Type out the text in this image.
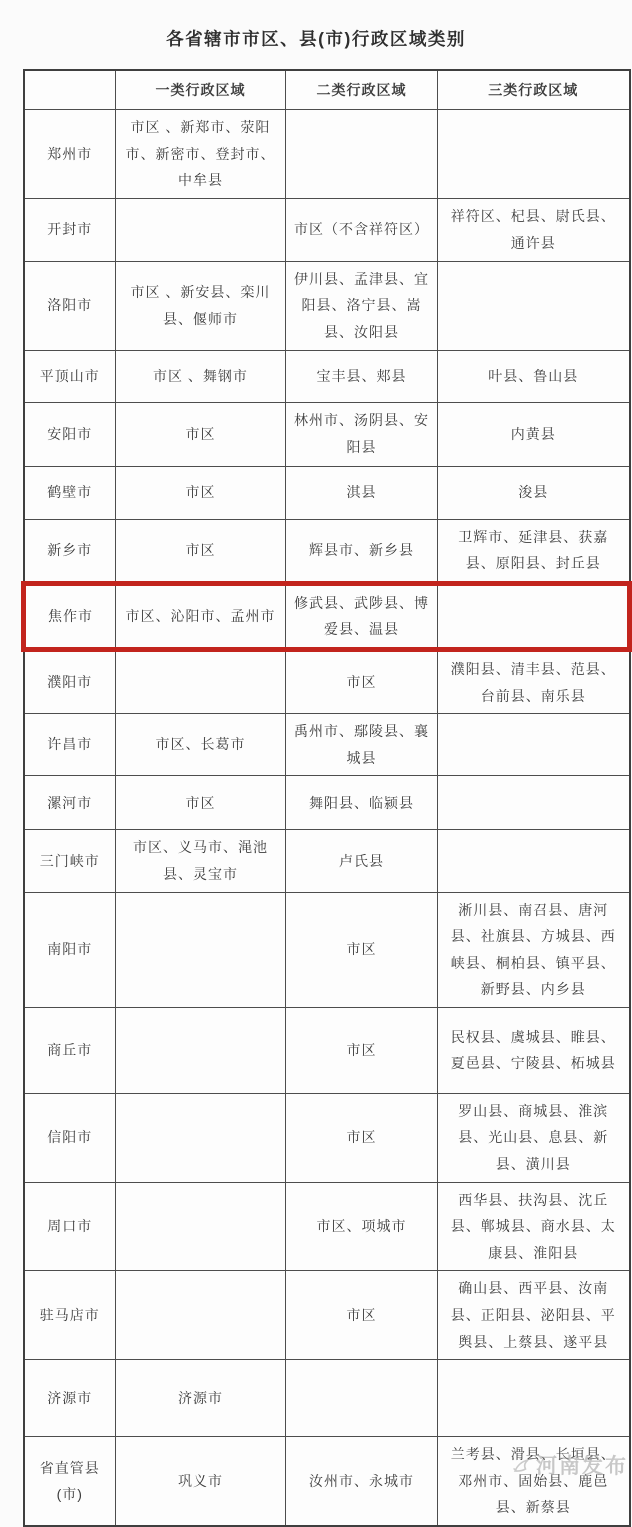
各省辖市市区、县(市)行政区域类别
	一类行政区域	二类行政区域	三类行政区域
郑州市	市区 、新郑市、荥阳市、新密市、登封市、中牟县		
开封市		市区（不含祥符区）	祥符区、杞县、尉氏县、通许县
洛阳市	市区 、新安县、栾川县、偃师市	伊川县、孟津县、宜阳县、洛宁县、嵩县、汝阳县	
平顶山市	市区 、舞钢市	宝丰县、郏县	叶县、鲁山县
安阳市	市区	林州市、汤阴县、安阳县	内黄县
鹤壁市	市区	淇县	浚县
新乡市	市区	辉县市、新乡县	卫辉市、延津县、获嘉县、原阳县、封丘县
焦作市	市区、沁阳市、孟州市	修武县、武陟县、博爱县、温县	
濮阳市		市区	濮阳县、清丰县、范县、台前县、南乐县
许昌市	市区、长葛市	禹州市、鄢陵县、襄城县	
漯河市	市区	舞阳县、临颍县	
三门峡市	市区、义马市、渑池县、灵宝市	卢氏县	
南阳市		市区	淅川县、南召县、唐河县、社旗县、方城县、西峡县、桐柏县、镇平县、新野县、内乡县
商丘市		市区	民权县、虞城县、睢县、夏邑县、宁陵县、柘城县
信阳市		市区	罗山县、商城县、淮滨县、光山县、息县、新县、潢川县
周口市		市区、项城市	西华县、扶沟县、沈丘县、郸城县、商水县、太康县、淮阳县
驻马店市		市区	确山县、西平县、汝南县、正阳县、泌阳县、平舆县、上蔡县、遂平县
济源市	济源市		
省直管县(市)	巩义市	汝州市、永城市	兰考县、滑县、长垣县、邓州市、固始县、鹿邑县、新蔡县
河南发布
